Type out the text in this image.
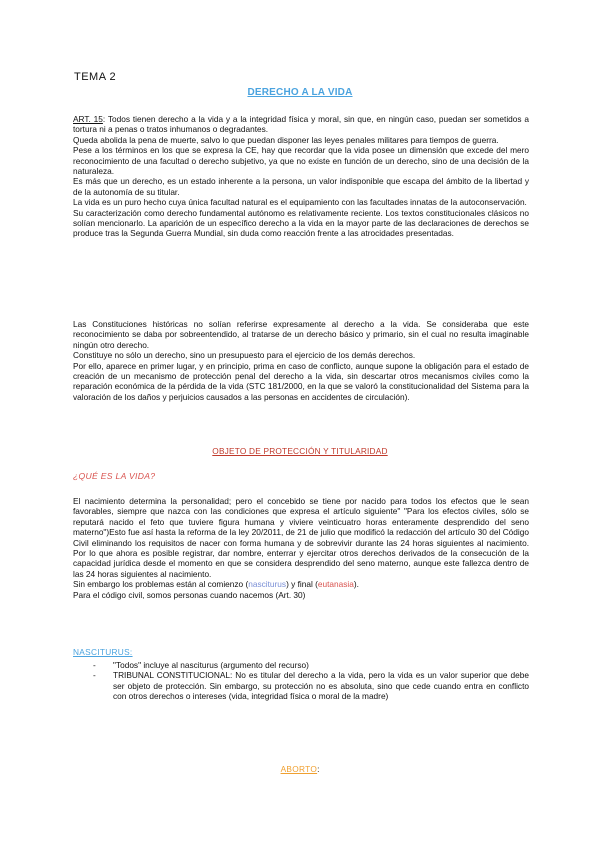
TEMA 2
DERECHO A LA VIDA

ART. 15: Todos tienen derecho a la vida y a la integridad física y moral, sin que, en ningún caso, puedan ser sometidos a tortura ni a penas o tratos inhumanos o degradantes.

Queda abolida la pena de muerte, salvo lo que puedan disponer las leyes penales militares para tiempos de guerra.

Pese a los términos en los que se expresa la CE, hay que recordar que la vida posee un dimensión que excede del mero reconocimiento de una facultad o derecho subjetivo, ya que no existe en función de un derecho, sino de una decisión de la naturaleza.

Es más que un derecho, es un estado inherente a la persona, un valor indisponible que escapa del ámbito de la libertad y de la autonomía de su titular.

La vida es un puro hecho cuya única facultad natural es el equipamiento con las facultades innatas de la autoconservación.

Su caracterización como derecho fundamental autónomo es relativamente reciente. Los textos constitucionales clásicos no solían mencionarlo. La aparición de un específico derecho a la vida en la mayor parte de las declaraciones de derechos se produce tras la Segunda Guerra Mundial, sin duda como reacción frente a las atrocidades presentadas.

Las Constituciones históricas no solían referirse expresamente al derecho a la vida. Se consideraba que este reconocimiento se daba por sobreentendido, al tratarse de un derecho básico y primario, sin el cual no resulta imaginable ningún otro derecho.

Constituye no sólo un derecho, sino un presupuesto para el ejercicio de los demás derechos.

Por ello, aparece en primer lugar, y en principio, prima en caso de conflicto, aunque supone la obligación para el estado de creación de un mecanismo de protección penal del derecho a la vida, sin descartar otros mecanismos civiles como la reparación económica de la pérdida de la vida (STC 181/2000, en la que se valoró la constitucionalidad del Sistema para la valoración de los daños y perjuicios causados a las personas en accidentes de circulación).

OBJETO DE PROTECCIÓN Y TITULARIDAD
¿QUÉ ES LA VIDA?

El nacimiento determina la personalidad; pero el concebido se tiene por nacido para todos los efectos que le sean favorables, siempre que nazca con las condiciones que expresa el artículo siguiente" "Para los efectos civiles, sólo se reputará nacido el feto que tuviere figura humana y viviere veinticuatro horas enteramente desprendido del seno materno")Esto fue así hasta la reforma de la ley 20/2011, de 21 de julio que modificó la redacción del artículo 30 del Código Civil eliminando los requisitos de nacer con forma humana y de sobrevivir durante las 24 horas siguientes al nacimiento. Por lo que ahora es posible registrar, dar nombre, enterrar y ejercitar otros derechos derivados de la consecución de la capacidad jurídica desde el momento en que se considera desprendido del seno materno, aunque este fallezca dentro de las 24 horas siguientes al nacimiento.

Sin embargo los problemas están al comienzo (nasciturus) y final (eutanasia).

Para el código civil, somos personas cuando nacemos (Art. 30)

NASCITURUS:
- "Todos" incluye al nasciturus (argumento del recurso)
- TRIBUNAL CONSTITUCIONAL: No es titular del derecho a la vida, pero la vida es un valor superior que debe ser objeto de protección. Sin embargo, su protección no es absoluta, sino que cede cuando entra en conflicto con otros derechos o intereses (vida, integridad física o moral de la madre)
ABORTO:
